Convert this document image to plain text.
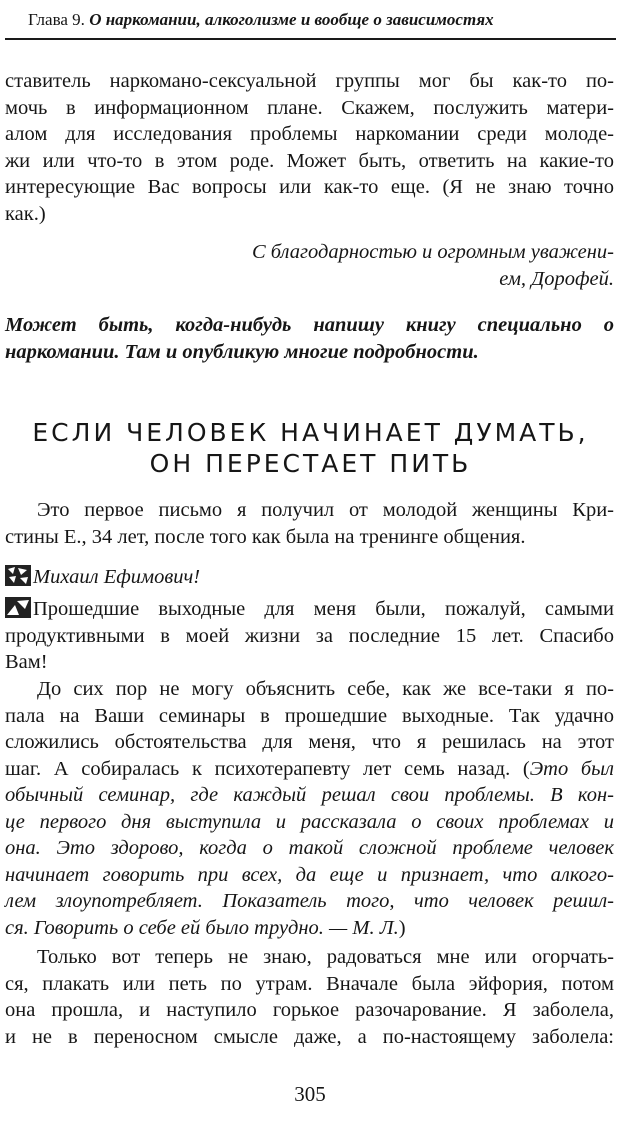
Глава 9. О наркомании, алкоголизме и вообще о зависимостях
ставитель наркомано-сексуальной группы мог бы как-то по-
мочь в информационном плане. Скажем, послужить матери-
алом для исследования проблемы наркомании среди молоде-
жи или что-то в этом роде. Может быть, ответить на какие-то
интересующие Вас вопросы или как-то еще. (Я не знаю точно
как.)
С благодарностью и огромным уважени-
ем, Дорофей.
Может быть, когда-нибудь напишу книгу специально о
наркомании. Там и опубликую многие подробности.
ЕСЛИ ЧЕЛОВЕК НАЧИНАЕТ ДУМАТЬ,
ОН ПЕРЕСТАЕТ ПИТЬ
Это первое письмо я получил от молодой женщины Кри-
стины Е., 34 лет, после того как была на тренинге общения.
Михаил Ефимович!
Прошедшие выходные для меня были, пожалуй, самыми
продуктивными в моей жизни за последние 15 лет. Спасибо
Вам!
До сих пор не могу объяснить себе, как же все-таки я по-
пала на Ваши семинары в прошедшие выходные. Так удачно
сложились обстоятельства для меня, что я решилась на этот
шаг. А собиралась к психотерапевту лет семь назад. (Это был
обычный семинар, где каждый решал свои проблемы. В кон-
це первого дня выступила и рассказала о своих проблемах и
она. Это здорово, когда о такой сложной проблеме человек
начинает говорить при всех, да еще и признает, что алкого-
лем злоупотребляет. Показатель того, что человек решил-
ся. Говорить о себе ей было трудно. — М. Л.)
Только вот теперь не знаю, радоваться мне или огорчать-
ся, плакать или петь по утрам. Вначале была эйфория, потом
она прошла, и наступило горькое разочарование. Я заболела,
и не в переносном смысле даже, а по-настоящему заболела:
305
